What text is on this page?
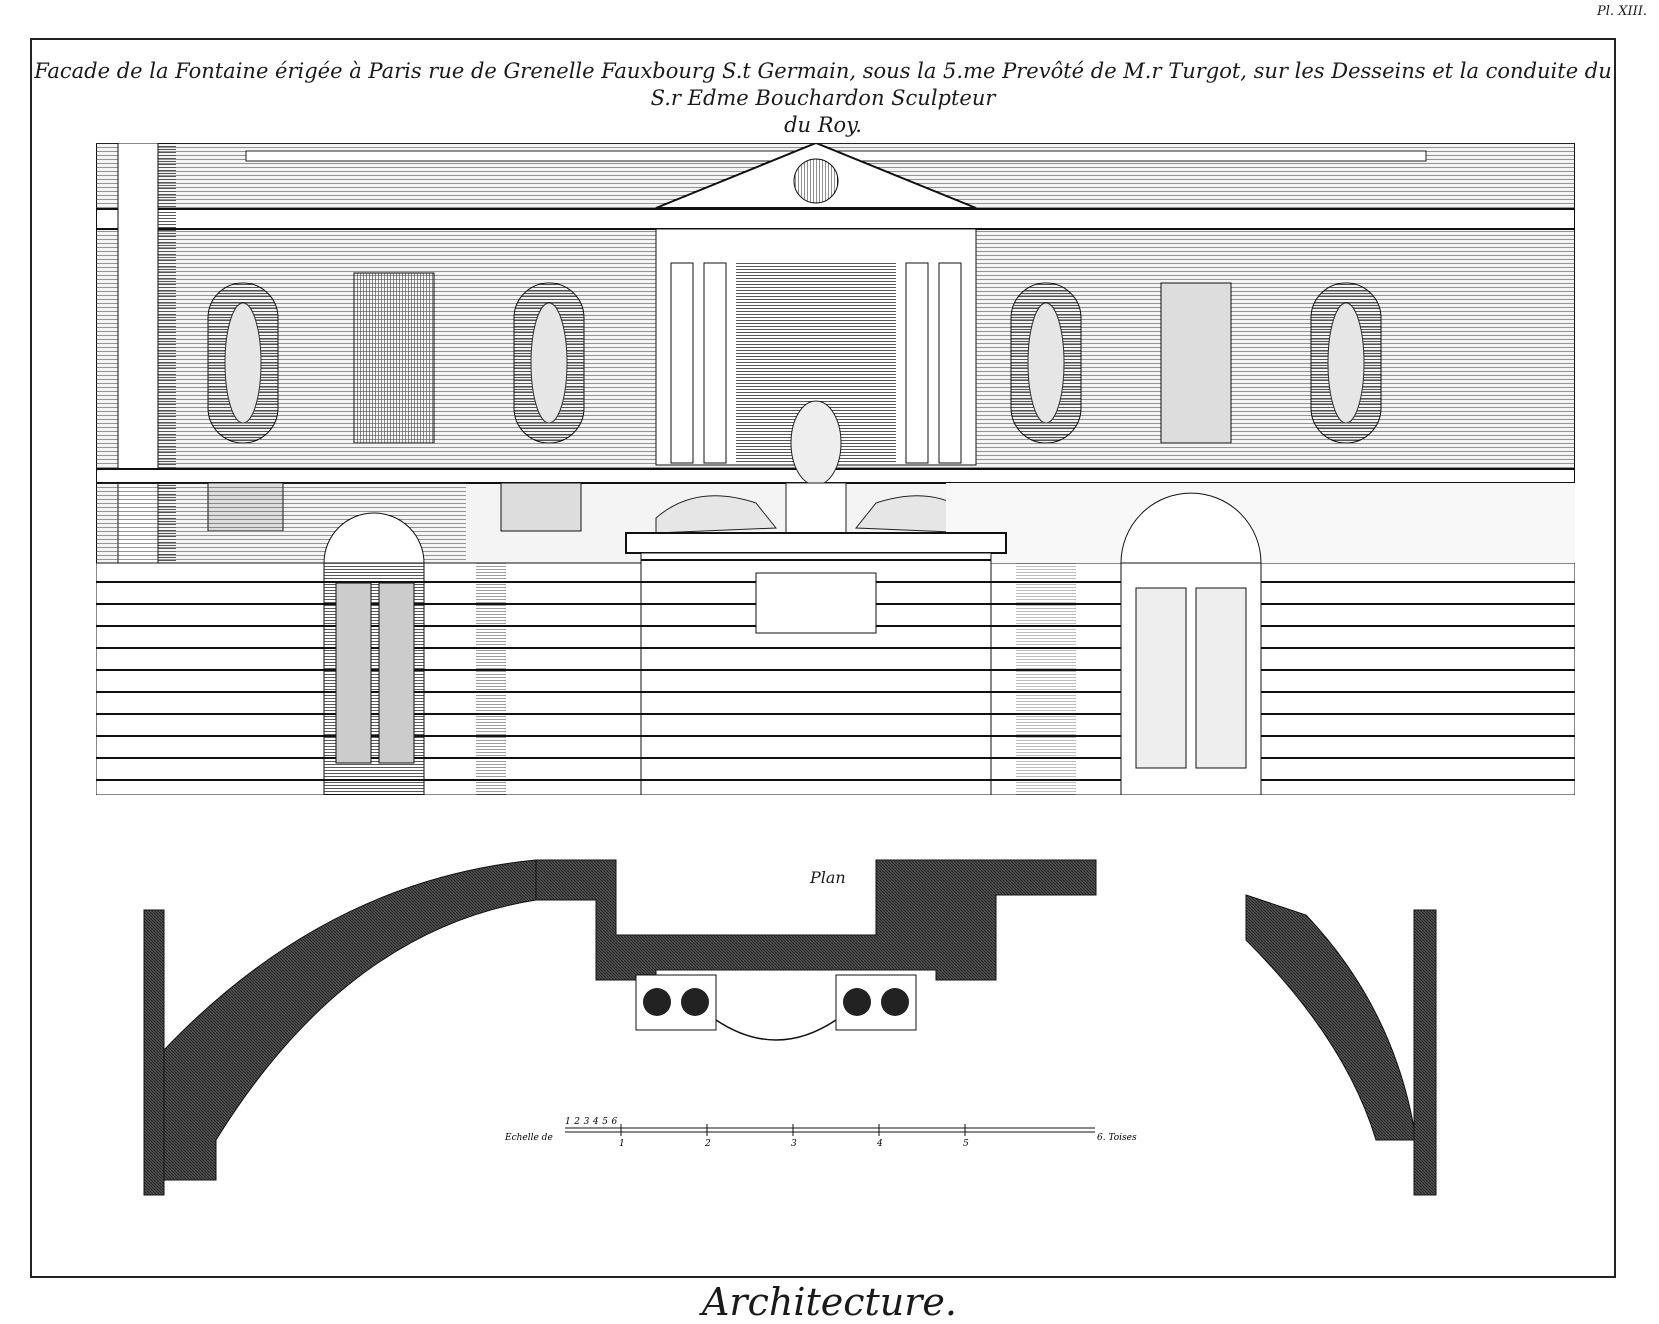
Pl. XIII.
Facade de la Fontaine érigée à Paris rue de Grenelle Fauxbourg S.t Germain, sous la 5.me Prevôté de M.r Turgot, sur les Desseins et la conduite du S.r Edme Bouchardon Sculpteur
du Roy.
Plan
Echelle de	6. Toises
1 2 3 4 5 6
1	2	3	4	5
Architecture.
